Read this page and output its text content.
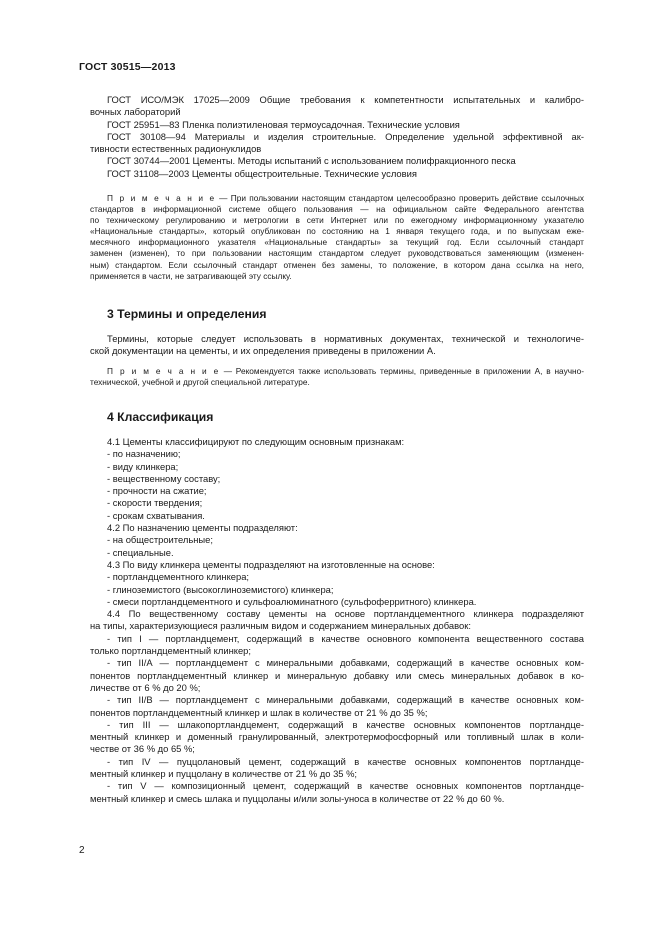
ГОСТ 30515—2013

ГОСТ ИСО/МЭК 17025—2009 Общие требования к компетентности испытательных и калибро-

вочных лабораторий

ГОСТ 25951—83 Пленка полиэтиленовая термоусадочная. Технические условия

ГОСТ 30108—94 Материалы и изделия строительные. Определение удельной эффективной ак-

тивности естественных радионуклидов

ГОСТ 30744—2001 Цементы. Методы испытаний с использованием полифракционного песка

ГОСТ 31108—2003 Цементы общестроительные. Технические условия

П р и м е ч а н и е — При пользовании настоящим стандартом целесообразно проверить действие ссылочных

стандартов в информационной системе общего пользования — на официальном сайте Федерального агентства

по техническому регулированию и метрологии в сети Интернет или по ежегодному информационному указателю

«Национальные стандарты», который опубликован по состоянию на 1 января текущего года, и по выпускам еже-

месячного информационного указателя «Национальные стандарты» за текущий год. Если ссылочный стандарт

заменен (изменен), то при пользовании настоящим стандартом следует руководствоваться заменяющим (изменен-

ным) стандартом. Если ссылочный стандарт отменен без замены, то положение, в котором дана ссылка на него,

применяется в части, не затрагивающей эту ссылку.

3 Термины и определения

Термины, которые следует использовать в нормативных документах, технической и технологиче-

ской документации на цементы, и их определения приведены в приложении А.

П р и м е ч а н и е — Рекомендуется также использовать термины, приведенные в приложении А, в научно-

технической, учебной и другой специальной литературе.

4 Классификация

4.1 Цементы классифицируют по следующим основным признакам:

- по назначению;

- виду клинкера;

- вещественному составу;

- прочности на сжатие;

- скорости твердения;

- срокам схватывания.

4.2 По назначению цементы подразделяют:

- на общестроительные;

- специальные.

4.3 По виду клинкера цементы подразделяют на изготовленные на основе:

- портландцементного клинкера;

- глиноземистого (высокоглиноземистого) клинкера;

- смеси портландцементного и сульфоалюминатного (сульфоферритного) клинкера.

4.4 По вещественному составу цементы на основе портландцементного клинкера подразделяют

на типы, характеризующиеся различным видом и содержанием минеральных добавок:

- тип I — портландцемент, содержащий в качестве основного компонента вещественного состава

только портландцементный клинкер;

- тип II/А — портландцемент с минеральными добавками, содержащий в качестве основных ком-

понентов портландцементный клинкер и минеральную добавку или смесь минеральных добавок в ко-

личестве от 6 % до 20 %;

- тип II/В — портландцемент с минеральными добавками, содержащий в качестве основных ком-

понентов портландцементный клинкер и шлак в количестве от 21 % до 35 %;

- тип III — шлакопортландцемент, содержащий в качестве основных компонентов портландце-

ментный клинкер и доменный гранулированный, электротермофосфорный или топливный шлак в коли-

честве от 36 % до 65 %;

- тип IV — пуццолановый цемент, содержащий в качестве основных компонентов портландце-

ментный клинкер и пуццолану в количестве от 21 % до 35 %;

- тип V — композиционный цемент, содержащий в качестве основных компонентов портландце-

ментный клинкер и смесь шлака и пуццоланы и/или золы-уноса в количестве от 22 % до 60 %.

2
